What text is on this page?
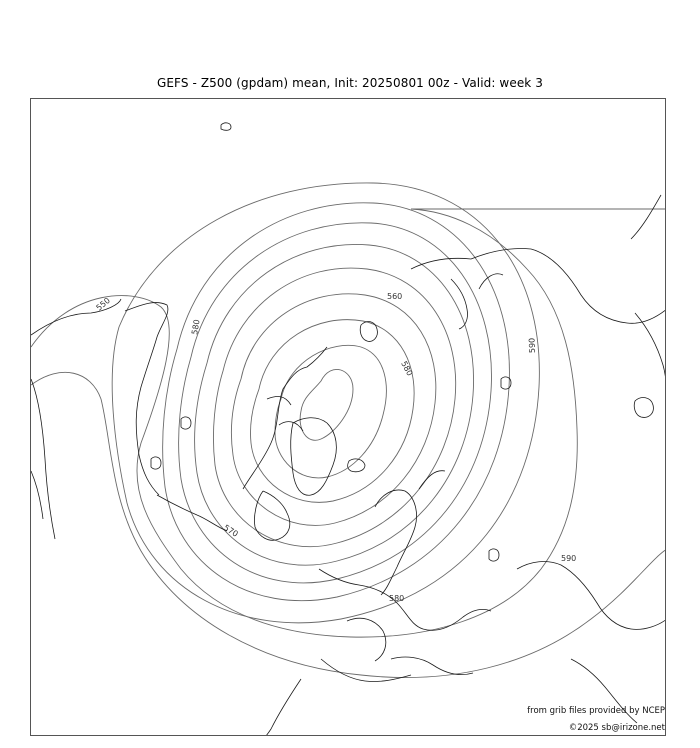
GEFS - Z500 (gpdam) mean, Init: 20250801 00z - Valid: week 3
550	560
570
580
580
580
590
590
from grib files provided by NCEP
©2025 sb@irizone.net
